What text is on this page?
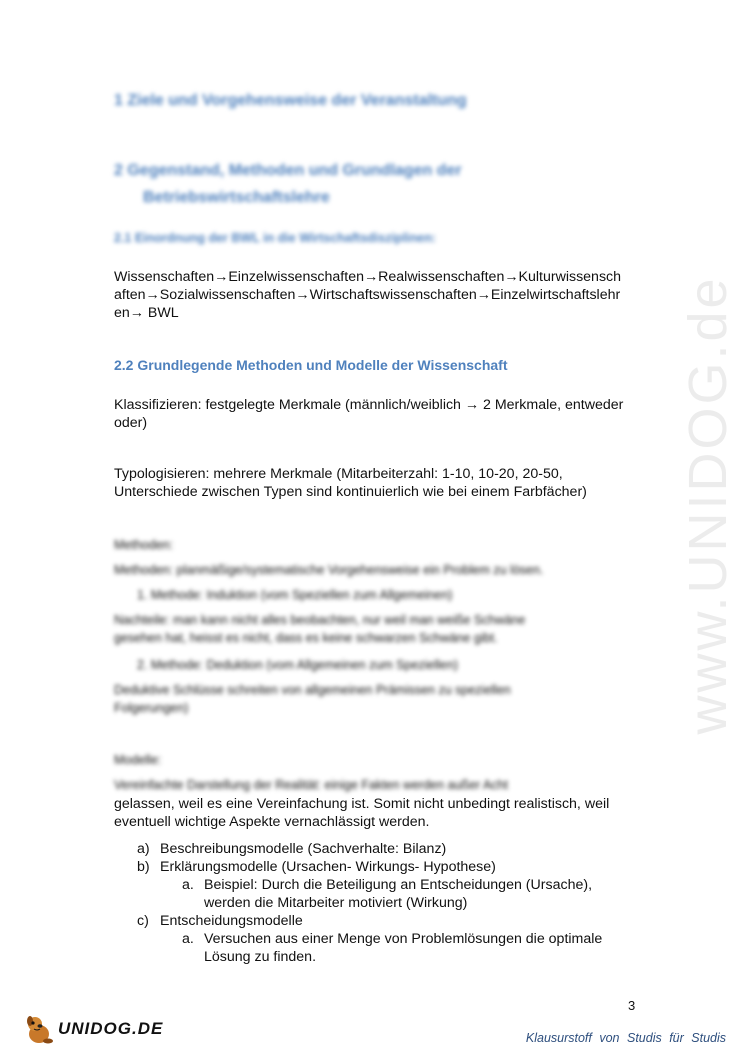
www.UNIDOG.de
1 Ziele und Vorgehensweise der Veranstaltung
2 Gegenstand, Methoden und Grundlagen der
Betriebswirtschaftslehre
2.1 Einordnung der BWL in die Wirtschaftsdisziplinen:
Wissenschaften→Einzelwissenschaften→Realwissenschaften→Kulturwissensch
aften→Sozialwissenschaften→Wirtschaftswissenschaften→Einzelwirtschaftslehr
en→ BWL
2.2 Grundlegende Methoden und Modelle der Wissenschaft
Klassifizieren: festgelegte Merkmale (männlich/weiblich → 2 Merkmale, entweder
oder)
Typologisieren: mehrere Merkmale (Mitarbeiterzahl: 1-10, 10-20, 20-50,
Unterschiede zwischen Typen sind kontinuierlich wie bei einem Farbfächer)
Methoden:
Methoden: planmäßige/systematische Vorgehensweise ein Problem zu lösen.
1. Methode: Induktion (vom Speziellen zum Allgemeinen)
Nachteile: man kann nicht alles beobachten, nur weil man weiße Schwäne
gesehen hat, heisst es nicht, dass es keine schwarzen Schwäne gibt.
2. Methode: Deduktion (vom Allgemeinen zum Speziellen)
Deduktive Schlüsse schreiten von allgemeinen Prämissen zu speziellen
Folgerungen)
Modelle:
Vereinfachte Darstellung der Realität: einige Fakten werden außer Acht
gelassen, weil es eine Vereinfachung ist. Somit nicht unbedingt realistisch, weil
eventuell wichtige Aspekte vernachlässigt werden.
a) Beschreibungsmodelle (Sachverhalte: Bilanz)
b) Erklärungsmodelle (Ursachen- Wirkungs- Hypothese)
a. Beispiel: Durch die Beteiligung an Entscheidungen (Ursache),
werden die Mitarbeiter motiviert (Wirkung)
c) Entscheidungsmodelle
a. Versuchen aus einer Menge von Problemlösungen die optimale
Lösung zu finden.
3
UNIDOG.DE	Klausurstoff von Studis für Studis
